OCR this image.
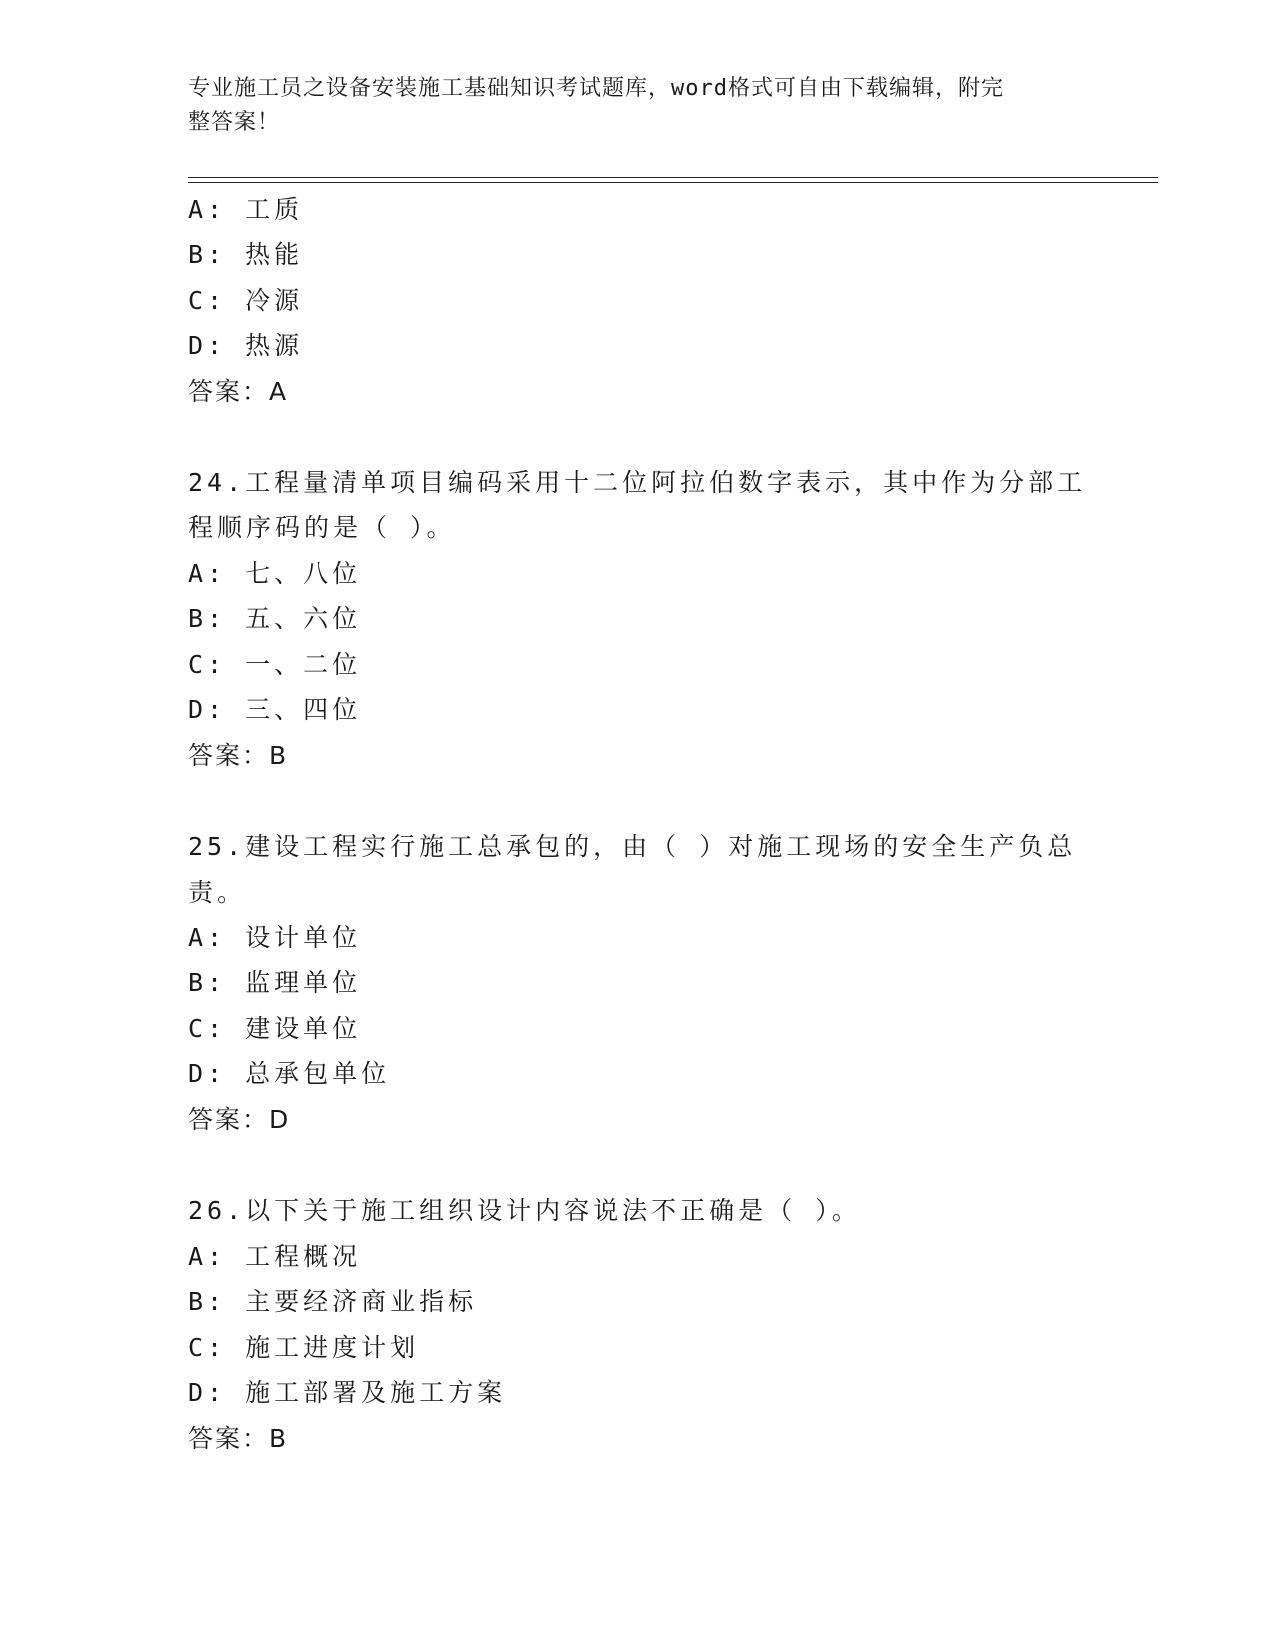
专业施工员之设备安装施工基础知识考试题库，word格式可自由下载编辑，附完
整答案！
A: 工质
B: 热能
C: 冷源
D: 热源
答案：A
24.工程量清单项目编码采用十二位阿拉伯数字表示，其中作为分部工
程顺序码的是（ ）。
A: 七、八位
B: 五、六位
C: 一、二位
D: 三、四位
答案：B
25.建设工程实行施工总承包的，由（ ）对施工现场的安全生产负总
责。
A: 设计单位
B: 监理单位
C: 建设单位
D: 总承包单位
答案：D
26.以下关于施工组织设计内容说法不正确是（ ）。
A: 工程概况
B: 主要经济商业指标
C: 施工进度计划
D: 施工部署及施工方案
答案：B
